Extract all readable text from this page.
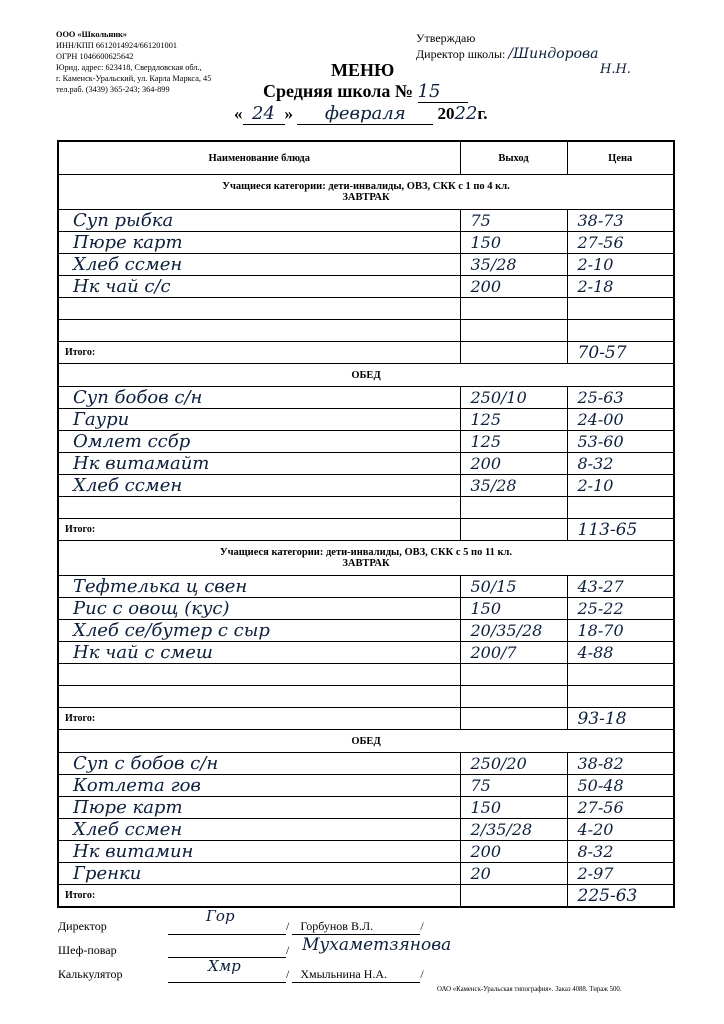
ООО «Школьник»
ИНН/КПП 6612014924/661201001
ОГРН 1046600625642
Юрид. адрес: 623418, Свердловская обл.,
г. Каменск-Уральский, ул. Карла Маркса, 45
тел.раб. (3439) 365-243; 364-899
Утверждаю
Директор школы: /Шиндорова
Н.Н.
МЕНЮ
Средняя школа № 15
« 24 » февраля 2022г.
Наименование блюда	Выход	Цена

Учащиеся категории: дети-инвалиды, ОВЗ, СКК с 1 по 4 кл.
ЗАВТРАК		

Суп рыбка	75	38-73
Пюре карт	150	27-56
Хлеб ссмен	35/28	2-10
Нк чай с/с	200	2-18

Итого:		70-57

ОБЕД		

Суп бобов с/н	250/10	25-63
Гаури	125	24-00
Омлет ссбр	125	53-60
Нк витамайт	200	8-32
Хлеб ссмен	35/28	2-10

Итого:		113-65

Учащиеся категории: дети-инвалиды, ОВЗ, СКК с 5 по 11 кл.
ЗАВТРАК		

Тефтелька ц свен	50/15	43-27
Рис с овощ (кус)	150	25-22
Хлеб се/бутер с сыр	20/35/28	18-70
Нк чай с смеш	200/7	4-88

Итого:		93-18

ОБЕД		

Суп с бобов с/н	250/20	38-82
Котлета гов	75	50-48
Пюре карт	150	27-56
Хлеб ссмен	2/35/28	4-20
Нк витамин	200	8-32
Гренки	20	2-97
Итого:		225-63
Директор	/ Горбунов В.Л.	/
Гор
Шеф-повар	/ Мухаметзянова
Калькулятор	/ Хмыльнина Н.А.	/
Хмр
ОАО «Каменск-Уральская типография». Заказ 4088. Тираж 500.
